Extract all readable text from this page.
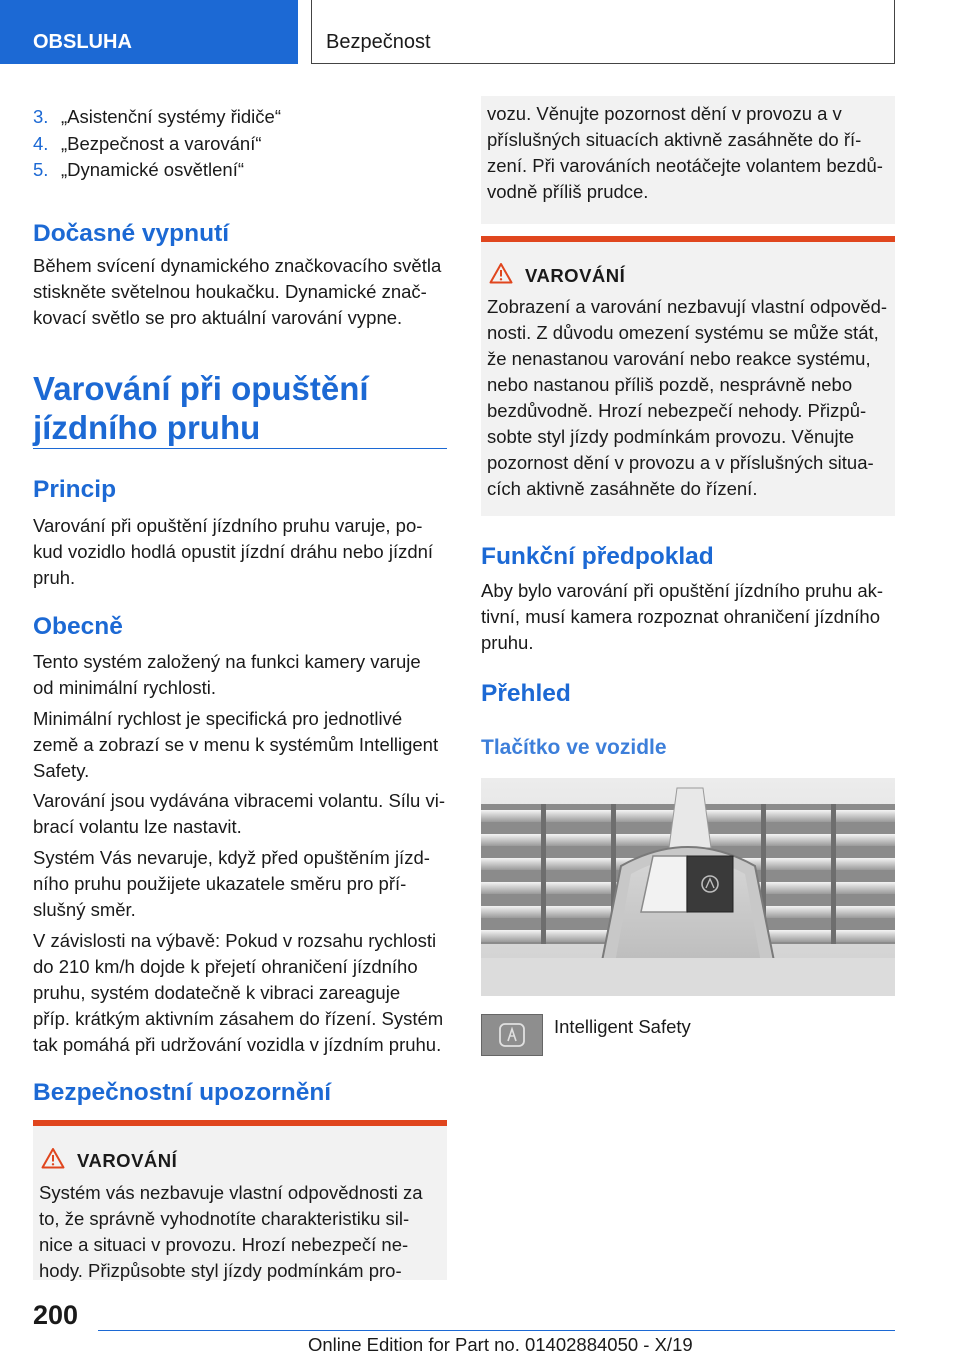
OBSLUHA	Bezpečnost
3. „Asistenční systémy řidiče“
4. „Bezpečnost a varování“
5. „Dynamické osvětlení“
Dočasné vypnutí
Během svícení dynamického značkovacího světla
stiskněte světelnou houkačku. Dynamické znač-
kovací světlo se pro aktuální varování vypne.
Varování při opuštění
jízdního pruhu
Princip
Varování při opuštění jízdního pruhu varuje, po-
kud vozidlo hodlá opustit jízdní dráhu nebo jízdní
pruh.
Obecně
Tento systém založený na funkci kamery varuje
od minimální rychlosti.
Minimální rychlost je specifická pro jednotlivé
země a zobrazí se v menu k systémům Intelligent
Safety.
Varování jsou vydávána vibracemi volantu. Sílu vi-
brací volantu lze nastavit.
Systém Vás nevaruje, když před opuštěním jízd-
ního pruhu použijete ukazatele směru pro pří-
slušný směr.
V závislosti na výbavě: Pokud v rozsahu rychlosti
do 210 km/h dojde k přejetí ohraničení jízdního
pruhu, systém dodatečně k vibraci zareaguje
příp. krátkým aktivním zásahem do řízení. Systém
tak pomáhá při udržování vozidla v jízdním pruhu.
Bezpečnostní upozornění
VAROVÁNÍ
Systém vás nezbavuje vlastní odpovědnosti za
to, že správně vyhodnotíte charakteristiku sil-
nice a situaci v provozu. Hrozí nebezpečí ne-
hody. Přizpůsobte styl jízdy podmínkám pro-
vozu. Věnujte pozornost dění v provozu a v
příslušných situacích aktivně zasáhněte do ří-
zení. Při varováních neotáčejte volantem bezdů-
vodně příliš prudce.
VAROVÁNÍ
Zobrazení a varování nezbavují vlastní odpověd-
nosti. Z důvodu omezení systému se může stát,
že nenastanou varování nebo reakce systému,
nebo nastanou příliš pozdě, nesprávně nebo
bezdůvodně. Hrozí nebezpečí nehody. Přizpů-
sobte styl jízdy podmínkám provozu. Věnujte
pozornost dění v provozu a v příslušných situa-
cích aktivně zasáhněte do řízení.
Funkční předpoklad
Aby bylo varování při opuštění jízdního pruhu ak-
tivní, musí kamera rozpoznat ohraničení jízdního
pruhu.
Přehled
Tlačítko ve vozidle
Intelligent Safety
200
Online Edition for Part no. 01402884050 - X/19
